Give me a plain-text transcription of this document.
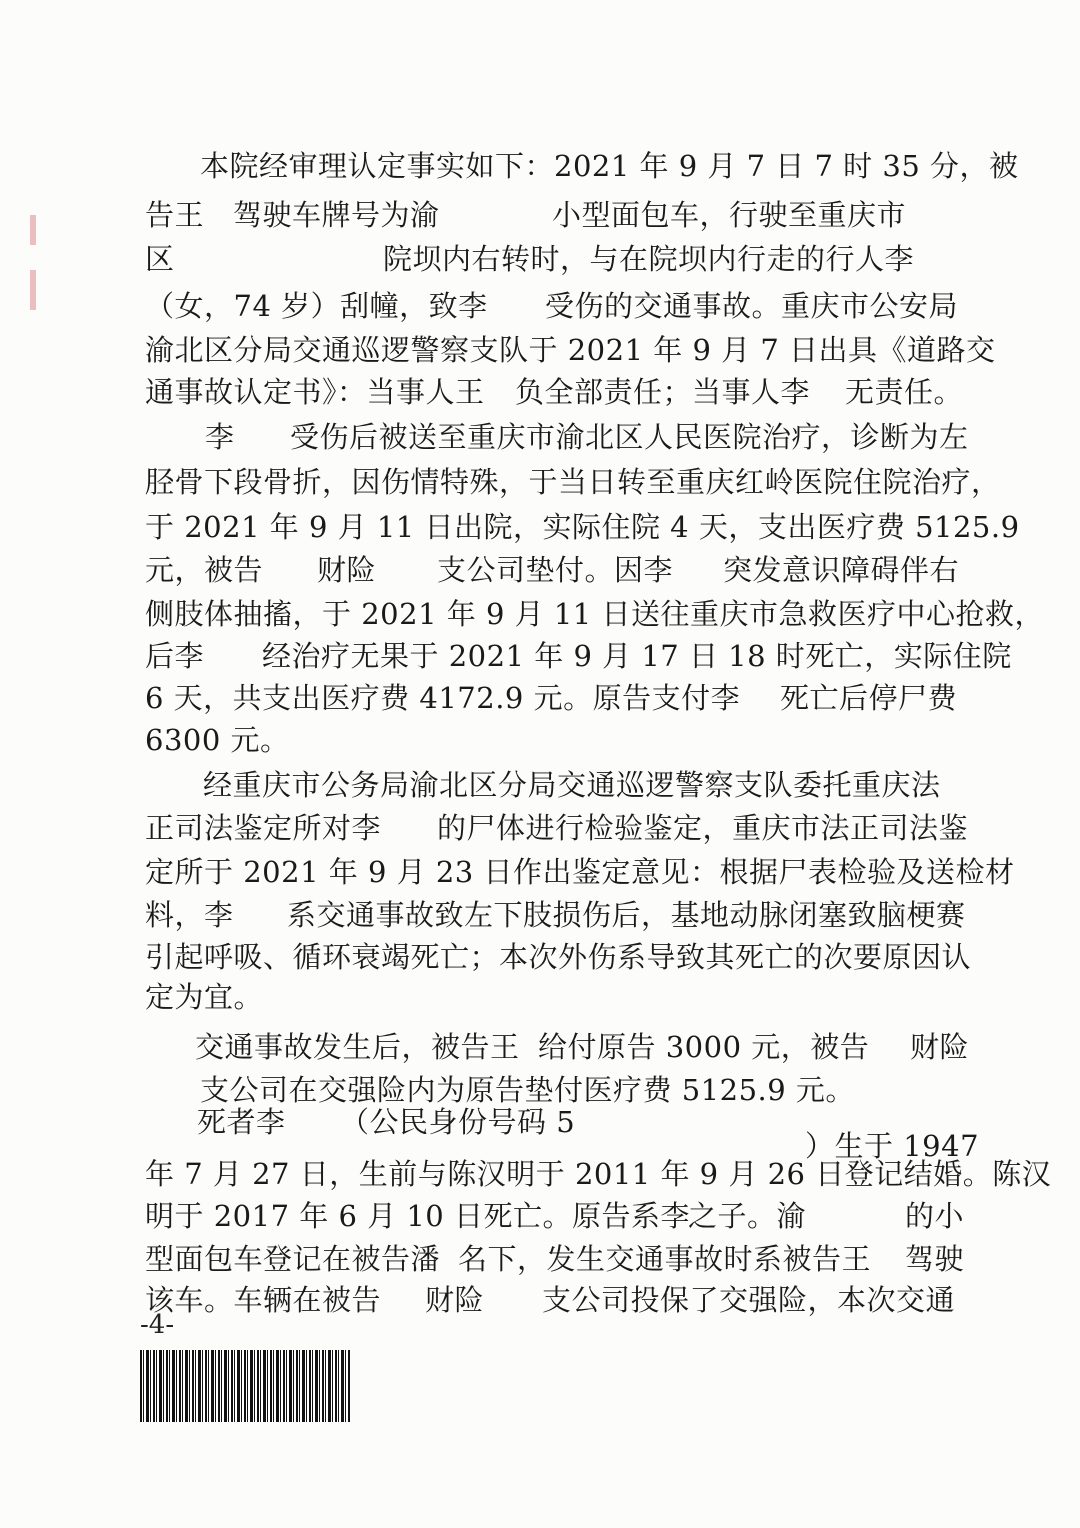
本院经审理认定事实如下：2021 年 9 月 7 日 7 时 35 分，被

告王

驾驶车牌号为渝

	小型面包车，行驶至重庆市

区

	院坝内右转时，与在院坝内行走的行人李

（女，74 岁）刮幢，致李

受伤的交通事故。重庆市公安局

渝北区分局交通巡逻警察支队于 2021 年 9 月 7 日出具《道路交

通事故认定书》：当事人王

负全部责任；当事人李

无责任。

李

受伤后被送至重庆市渝北区人民医院治疗，诊断为左

胫骨下段骨折，因伤情特殊，于当日转至重庆红岭医院住院治疗，

于 2021 年 9 月 11 日出院，实际住院 4 天，支出医疗费 5125.9

元，被告

财险

支公司垫付。因李

突发意识障碍伴右

侧肢体抽搐，于 2021 年 9 月 11 日送往重庆市急救医疗中心抢救，

后李

经治疗无果于 2021 年 9 月 17 日 18 时死亡，实际住院

6 天，共支出医疗费 4172.9 元。原告支付李

死亡后停尸费

6300 元。

经重庆市公务局渝北区分局交通巡逻警察支队委托重庆法

正司法鉴定所对李

的尸体进行检验鉴定，重庆市法正司法鉴

定所于 2021 年 9 月 23 日作出鉴定意见：根据尸表检验及送检材

料，李

系交通事故致左下肢损伤后，基地动脉闭塞致脑梗赛

引起呼吸、循环衰竭死亡；本次外伤系导致其死亡的次要原因认

定为宜。

交通事故发生后，被告王

给付原告 3000 元，被告

财险

支公司在交强险内为原告垫付医疗费 5125.9 元。

死者李

（公民身份号码 5

）生于 1947

年 7 月 27 日，生前与陈汉明于 2011 年 9 月 26 日登记结婚。陈汉

明于 2017 年 6 月 10 日死亡。原告系李

之子。渝

	的小

型面包车登记在被告潘

名下，发生交通事故时系被告王

驾驶

该车。车辆在被告

财险

支公司投保了交强险，本次交通

-4-
